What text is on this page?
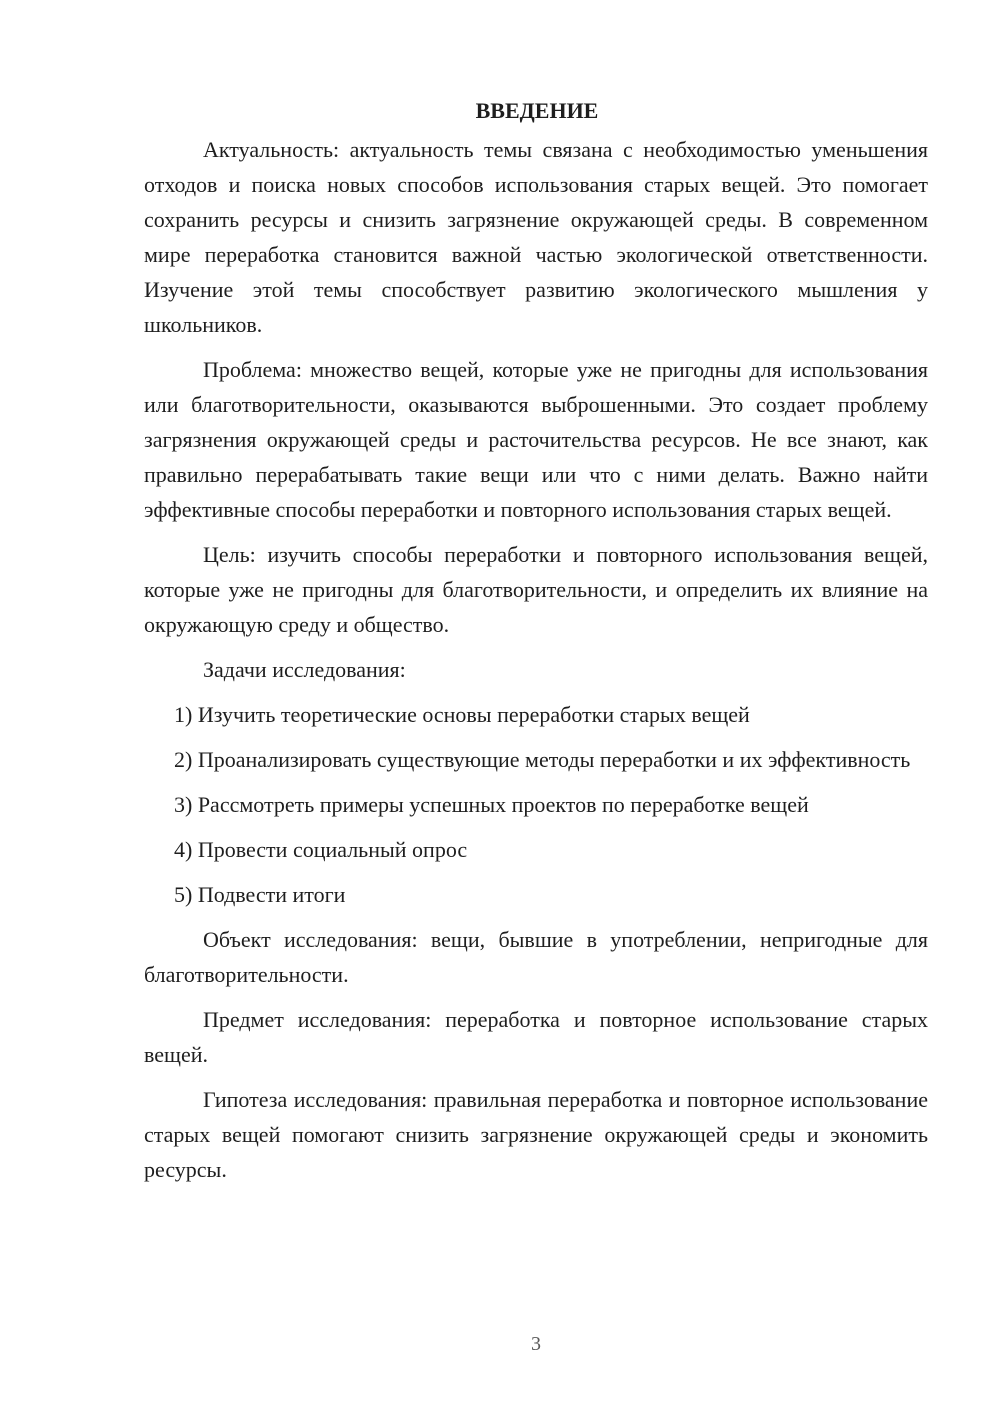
ВВЕДЕНИЕ

Актуальность: актуальность темы связана с необходимостью уменьшения отходов и поиска новых способов использования старых вещей. Это помогает сохранить ресурсы и снизить загрязнение окружающей среды. В современном мире переработка становится важной частью экологической ответственности. Изучение этой темы способствует развитию экологического мышления у школьников.

Проблема: множество вещей, которые уже не пригодны для использования или благотворительности, оказываются выброшенными. Это создает проблему загрязнения окружающей среды и расточительства ресурсов. Не все знают, как правильно перерабатывать такие вещи или что с ними делать. Важно найти эффективные способы переработки и повторного использования старых вещей.

Цель: изучить способы переработки и повторного использования вещей, которые уже не пригодны для благотворительности, и определить их влияние на окружающую среду и общество.

Задачи исследования:

1) Изучить теоретические основы переработки старых вещей

2) Проанализировать существующие методы переработки и их эффективность

3) Рассмотреть примеры успешных проектов по переработке вещей

4) Провести социальный опрос

5) Подвести итоги

Объект исследования: вещи, бывшие в употреблении, непригодные для благотворительности.

Предмет исследования: переработка и повторное использование старых вещей.

Гипотеза исследования: правильная переработка и повторное использование старых вещей помогают снизить загрязнение окружающей среды и экономить ресурсы.

3
